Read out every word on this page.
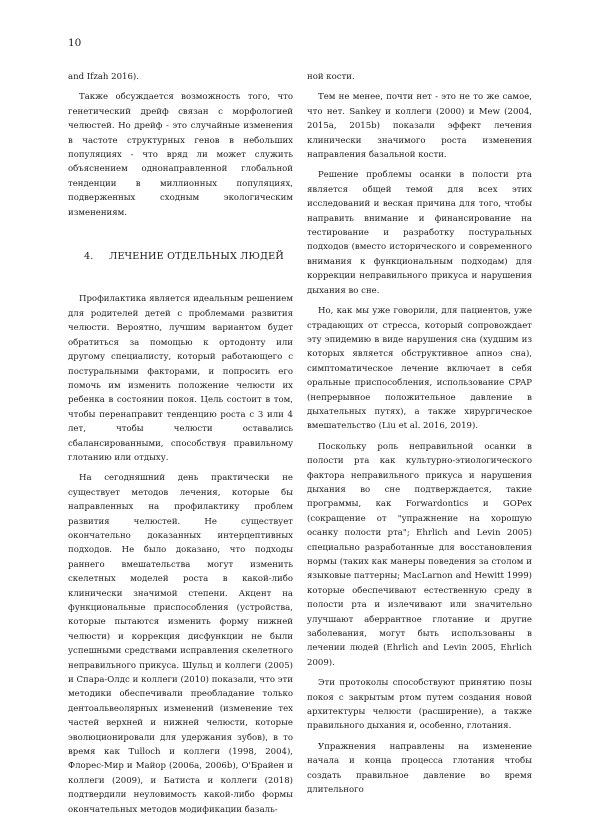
10

and Ifzah 2016).

Также обсуждается возможность того, что генетический дрейф связан с морфологией челюстей. Но дрейф - это случайные изменения в частоте структурных генов в небольших популяциях - что вряд ли может служить объяснением однонаправленной глобальной тенденции в миллионных популяциях, подверженных сходным экологическим изменениям.

4. ЛЕЧЕНИЕ ОТДЕЛЬНЫХ ЛЮДЕЙ

Профилактика является идеальным решением для родителей детей с проблемами развития челюсти. Вероятно, лучшим вариантом будет обратиться за помощью к ортодонту или другому специалисту, который работающего с постуральными факторами, и попросить его помочь им изменить положение челюсти их ребенка в состоянии покоя. Цель состоит в том, чтобы перенаправит тенденцию роста с 3 или 4 лет, чтобы челюсти оставались сбалансированными, способствуя правильному глотанию или отдыху.

На сегодняшний день практически не существует методов лечения, которые бы направленных на профилактику проблем развития челюстей. Не существует окончательно доказанных интерцептивных подходов. Не было доказано, что подходы раннего вмешательства могут изменить скелетных моделей роста в какой-либо клинически значимой степени. Акцент на функциональные приспособления (устройства, которые пытаются изменить форму нижней челюсти) и коррекция дисфункции не были успешными средствами исправления скелетного неправильного прикуса. Шульц и коллеги (2005) и Спара-Олдс и коллеги (2010) показали, что эти методики обеспечивали преобладание только дентоальвеолярных изменений (изменение тех частей верхней и нижней челюсти, которые эволюционировали для удержания зубов), в то время как Tulloch и коллеги (1998, 2004), Флорес-Мир и Майор (2006a, 2006b), О'Брайен и коллеги (2009), и Батиста и коллеги (2018) подтвердили неуловимость какой-либо формы окончательных методов модификации базаль-

ной кости.

Тем не менее, почти нет - это не то же самое, что нет. Sankey и коллеги (2000) и Mew (2004, 2015a, 2015b) показали эффект лечения клинически значимого роста изменения направления базальной кости.

Решение проблемы осанки в полости рта является общей темой для всех этих исследований и веская причина для того, чтобы направить внимание и финансирование на тестирование и разработку постуральных подходов (вместо исторического и современного внимания к функциональным подходам) для коррекции неправильного прикуса и нарушения дыхания во сне.

Но, как мы уже говорили, для пациентов, уже страдающих от стресса, который сопровождает эту эпидемию в виде нарушения сна (худшим из которых является обструктивное апноэ сна), симптоматическое лечение включает в себя оральные приспособления, использование CPAP (непрерывное положительное давление в дыхательных путях), а также хирургическое вмешательство (Liu et al. 2016, 2019).

Поскольку роль неправильной осанки в полости рта как культурно-этиологического фактора неправильного прикуса и нарушения дыхания во сне подтверждается, такие программы, как Forwardontics и GOPex (сокращение от "упражнение на хорошую осанку полости рта"; Ehrlich and Levin 2005) специально разработанные для восстановления нормы (таких как манеры поведения за столом и языковые паттерны; MacLarnon and Hewitt 1999) которые обеспечивают естественную среду в полости рта и излечивают или значительно улучшают аберрантное глотание и другие заболевания, могут быть использованы в лечении людей (Ehrlich and Levin 2005, Ehrlich 2009).

Эти протоколы способствуют принятию позы покоя с закрытым ртом путем создания новой архитектуры челюсти (расширение), а также правильного дыхания и, особенно, глотания.

Упражнения направлены на изменение начала и конца процесса глотания чтобы создать правильное давление во время длительного
